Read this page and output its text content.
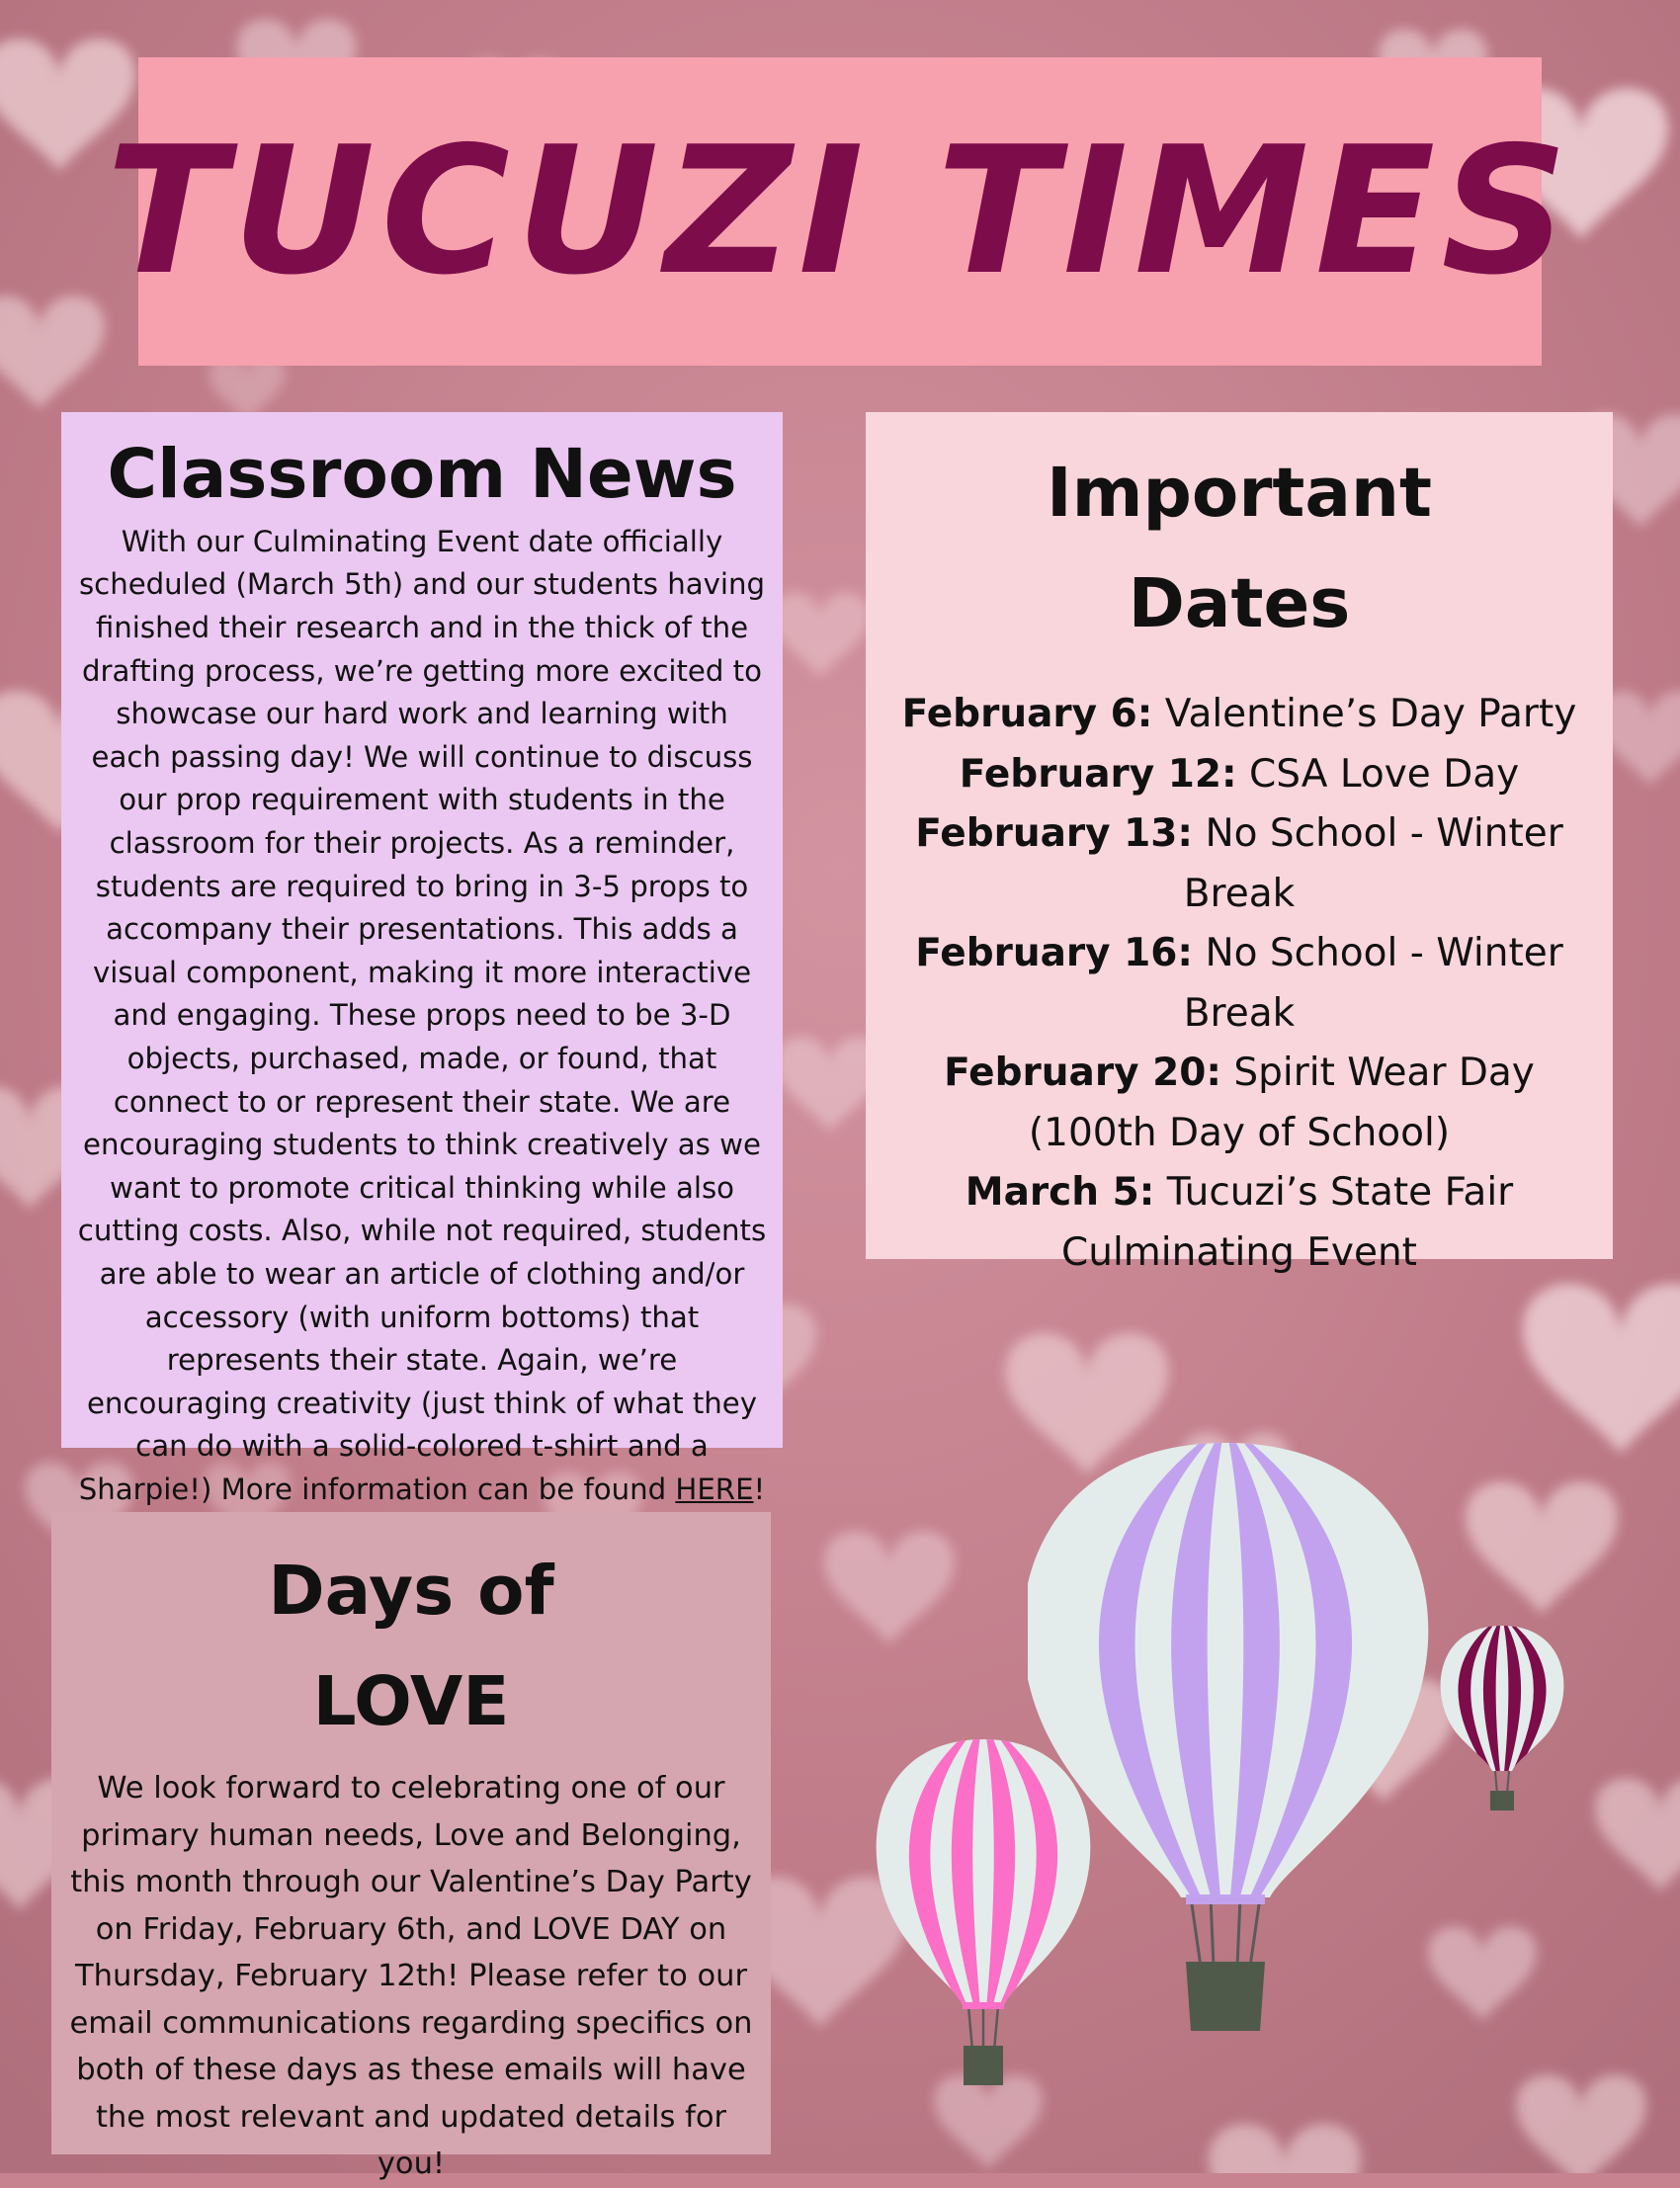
TUCUZI TIMES
Classroom News

With our Culminating Event date officially scheduled (March 5th) and our students having finished their research and in the thick of the drafting process, we’re getting more excited to showcase our hard work and learning with each passing day! We will continue to discuss our prop requirement with students in the classroom for their projects. As a reminder, students are required to bring in 3-5 props to accompany their presentations. This adds a visual component, making it more interactive and engaging. These props need to be 3-D objects, purchased, made, or found, that connect to or represent their state. We are encouraging students to think creatively as we want to promote critical thinking while also cutting costs. Also, while not required, students are able to wear an article of clothing and/or accessory (with uniform bottoms) that represents their state. Again, we’re encouraging creativity (just think of what they can do with a solid-colored t-shirt and a Sharpie!) More information can be found HERE!

Important
Dates
February 6: Valentine’s Day Party
February 12: CSA Love Day
February 13: No School - Winter Break
February 16: No School - Winter Break
February 20: Spirit Wear Day (100th Day of School)
March 5: Tucuzi’s State Fair Culminating Event
Days of
LOVE

We look forward to celebrating one of our primary human needs, Love and Belonging, this month through our Valentine’s Day Party on Friday, February 6th, and LOVE DAY on Thursday, February 12th! Please refer to our email communications regarding specifics on both of these days as these emails will have the most relevant and updated details for you!
